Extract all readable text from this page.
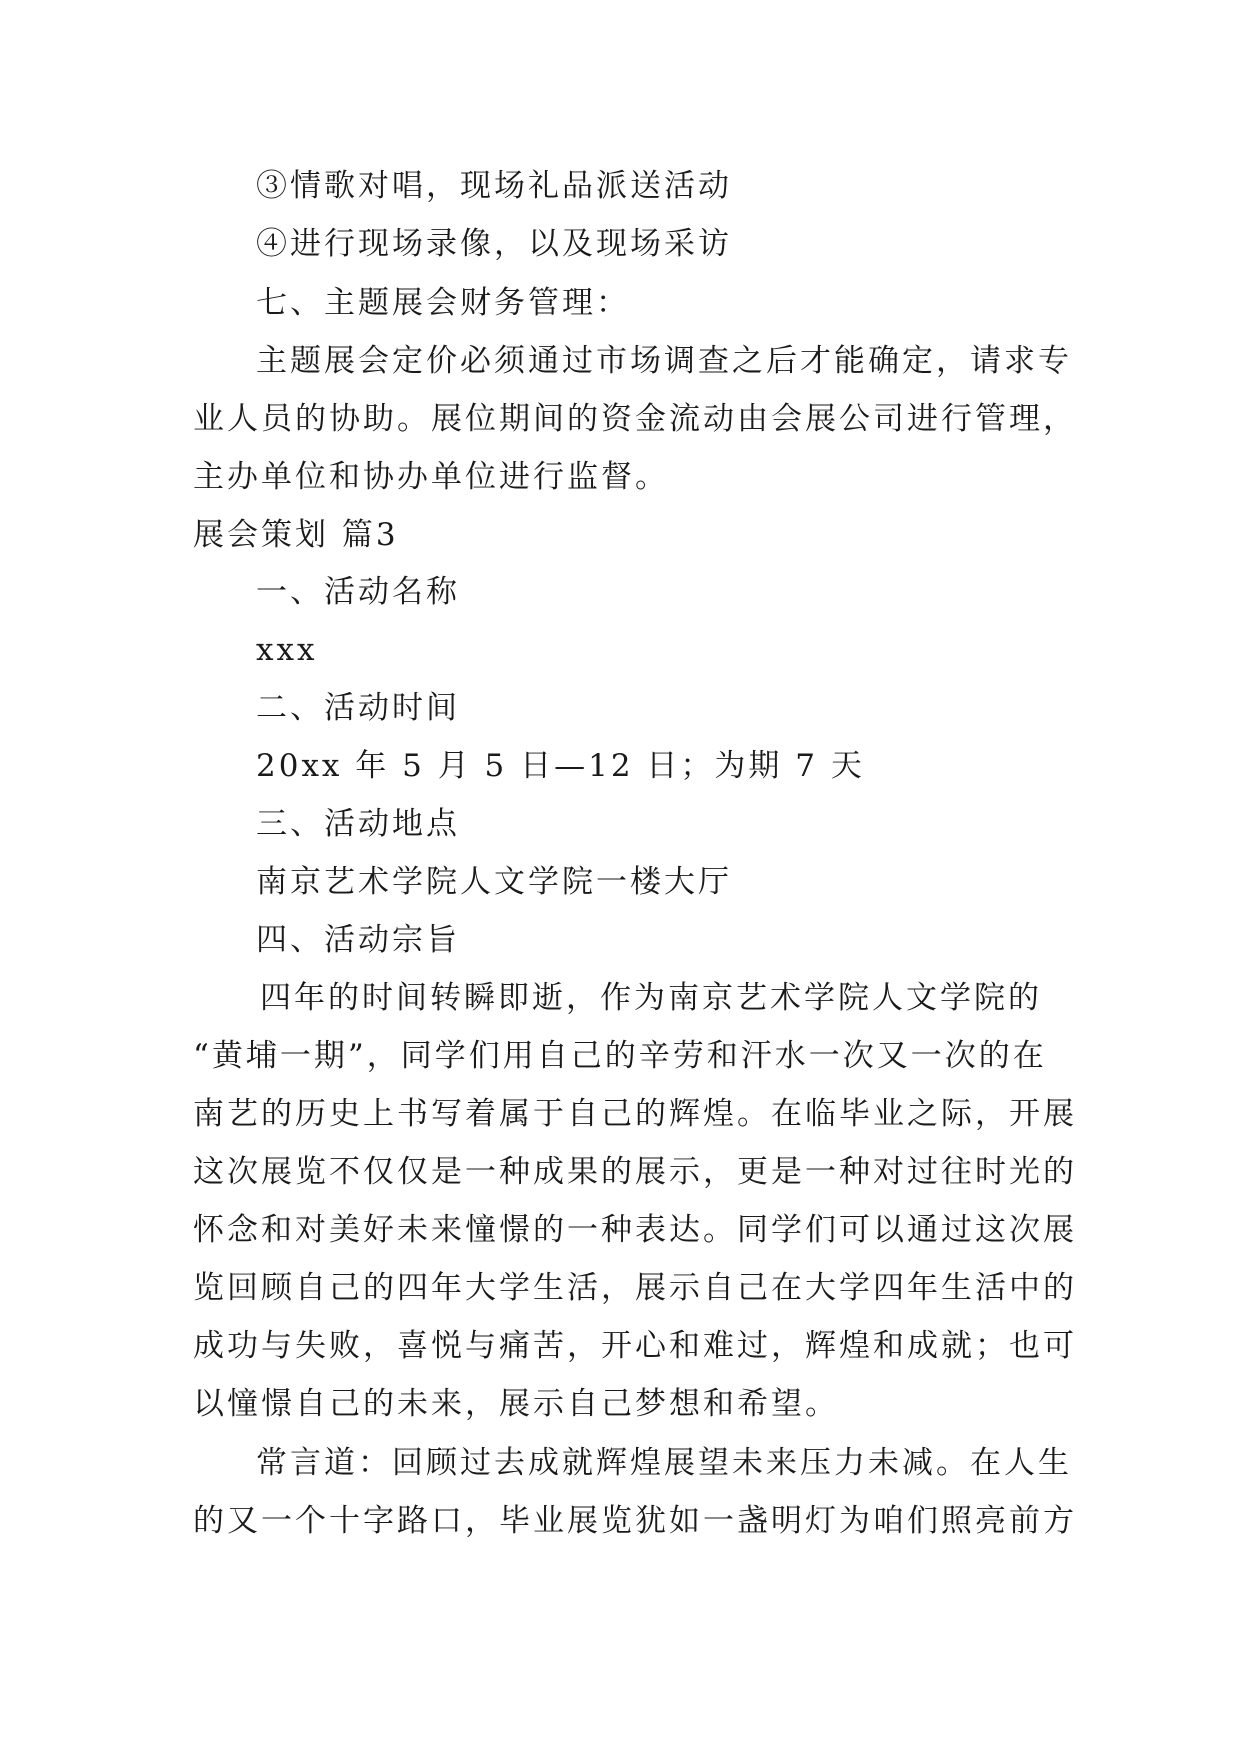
③情歌对唱，现场礼品派送活动
④进行现场录像，以及现场采访
七、主题展会财务管理：
主题展会定价必须通过市场调查之后才能确定，请求专
业人员的协助。展位期间的资金流动由会展公司进行管理，
主办单位和协办单位进行监督。
展会策划 篇3
一、活动名称
xxx
二、活动时间
20xx 年 5 月 5 日—12 日；为期 7 天
三、活动地点
南京艺术学院人文学院一楼大厅
四、活动宗旨
四年的时间转瞬即逝，作为南京艺术学院人文学院的
“黄埔一期”，同学们用自己的辛劳和汗水一次又一次的在
南艺的历史上书写着属于自己的辉煌。在临毕业之际，开展
这次展览不仅仅是一种成果的展示，更是一种对过往时光的
怀念和对美好未来憧憬的一种表达。同学们可以通过这次展
览回顾自己的四年大学生活，展示自己在大学四年生活中的
成功与失败，喜悦与痛苦，开心和难过，辉煌和成就；也可
以憧憬自己的未来，展示自己梦想和希望。
常言道：回顾过去成就辉煌展望未来压力未减。在人生
的又一个十字路口，毕业展览犹如一盏明灯为咱们照亮前方
